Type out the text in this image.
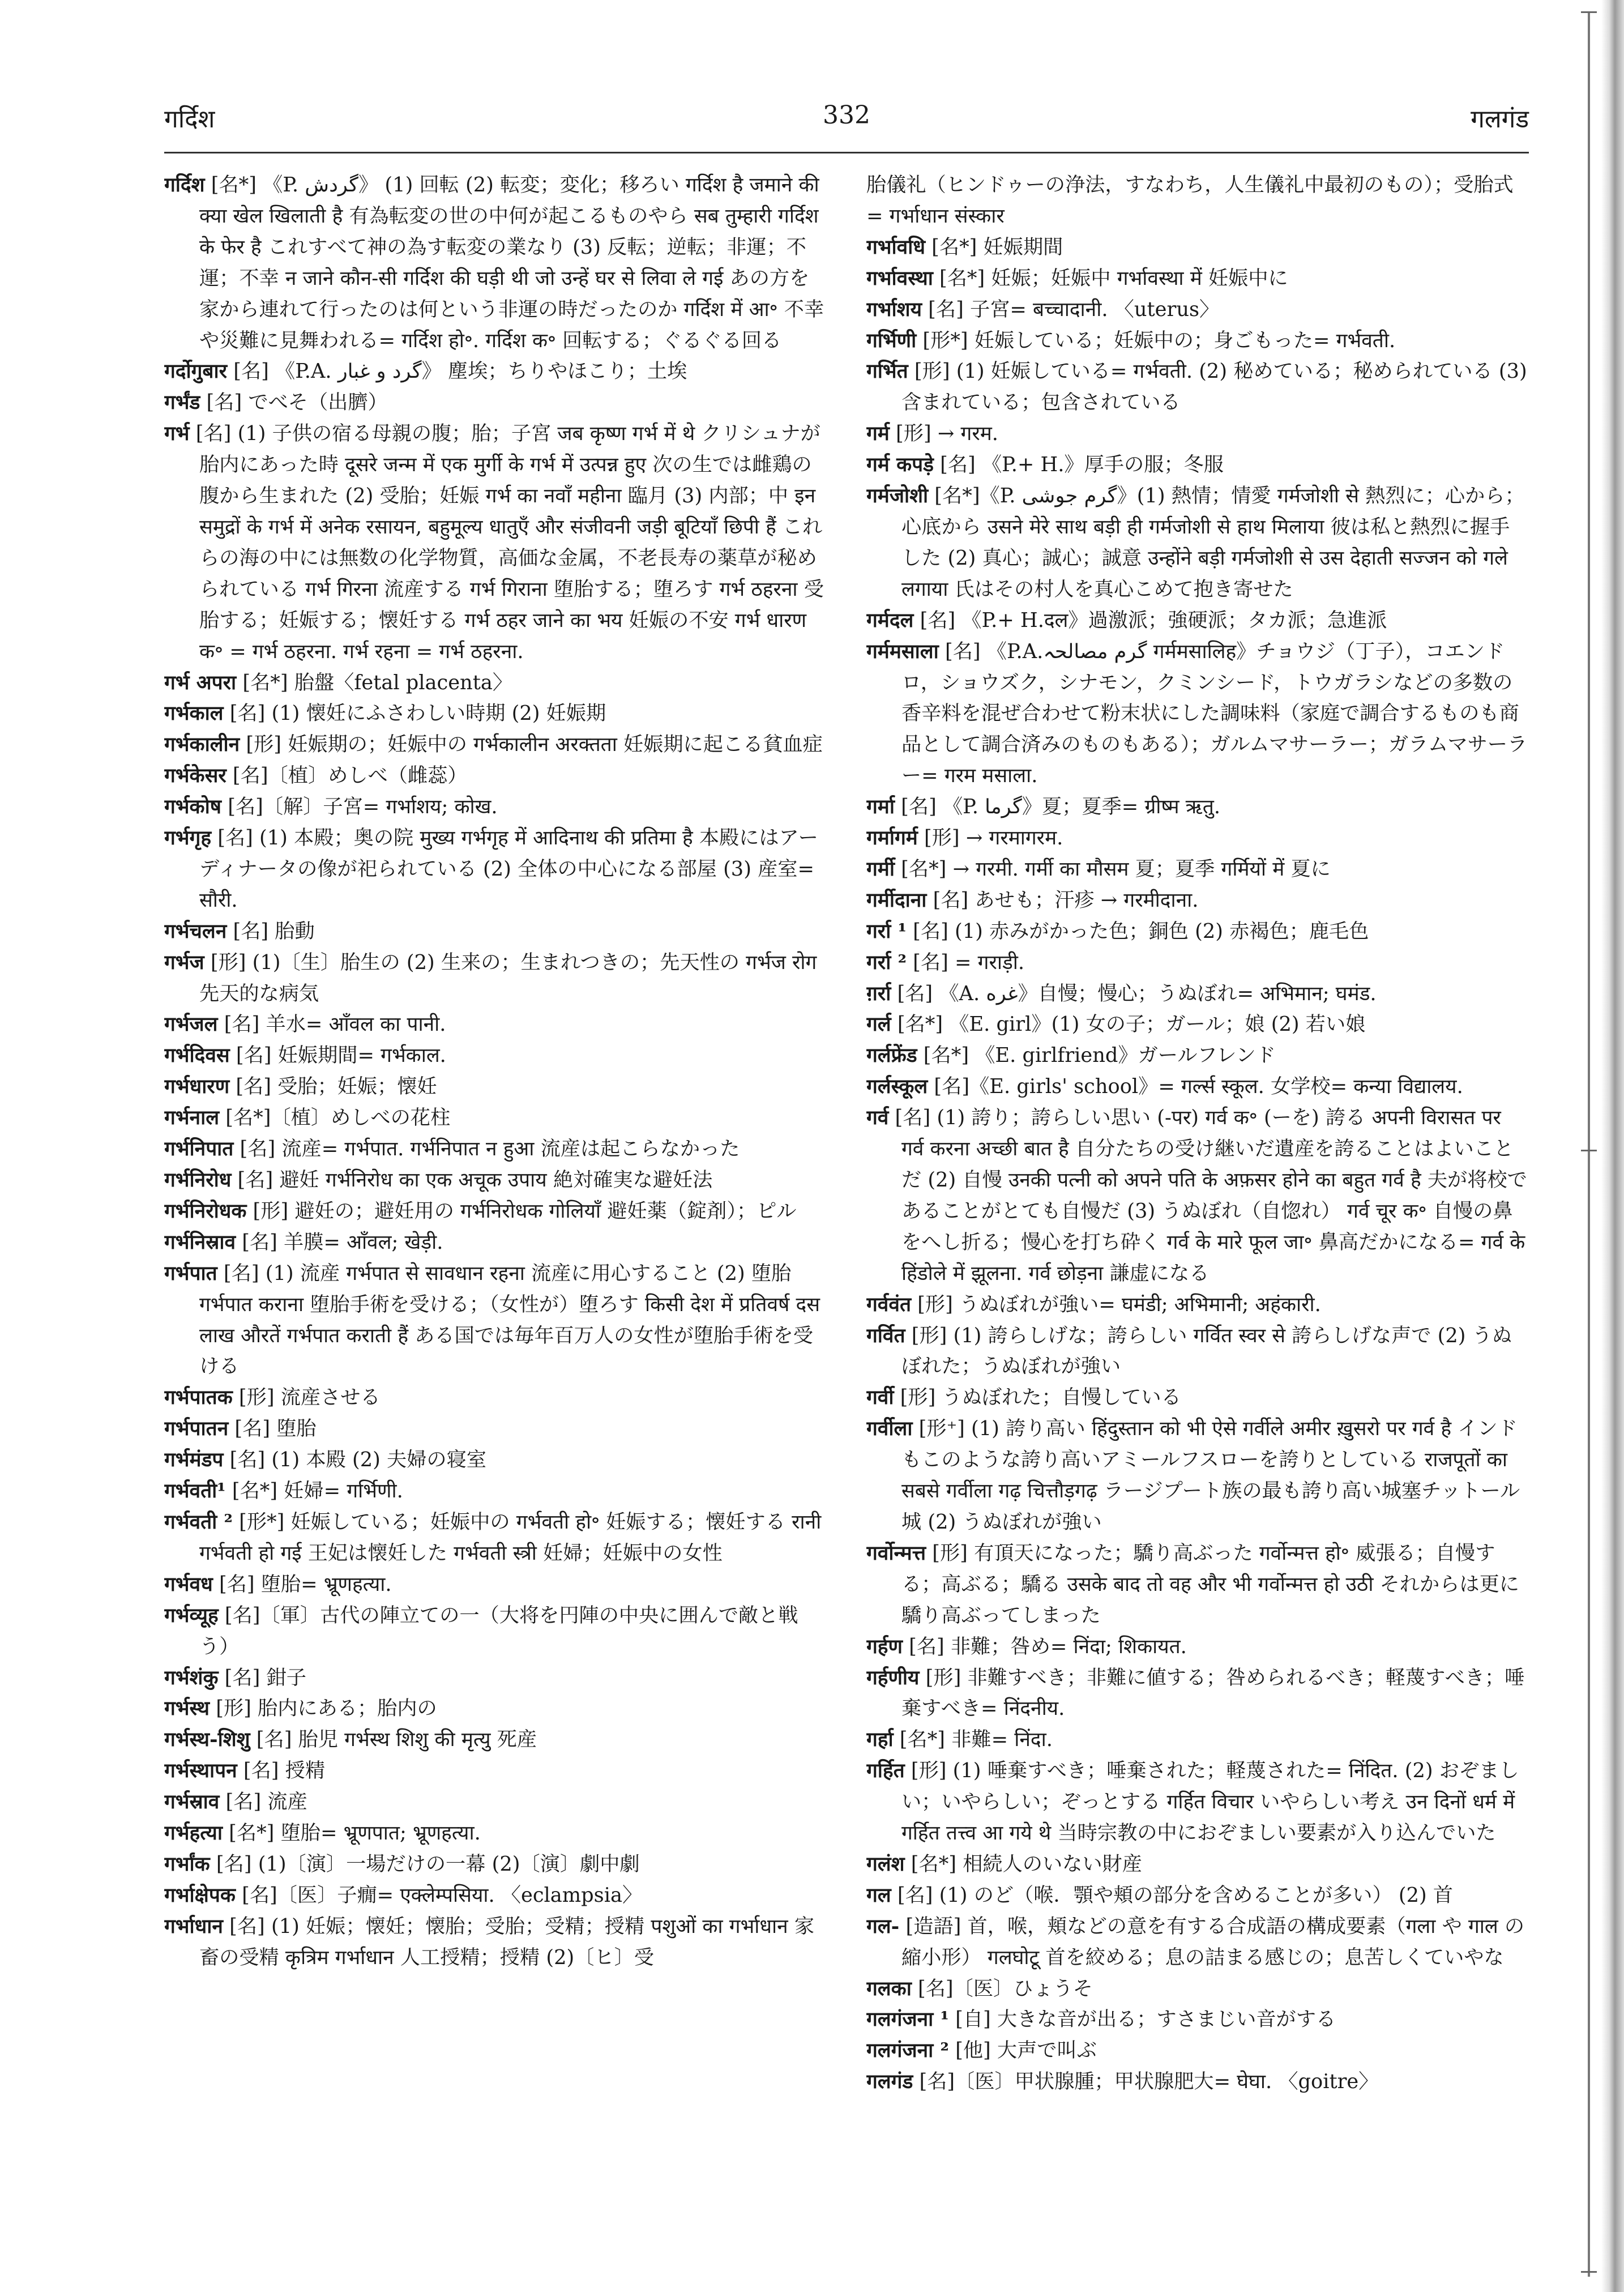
गर्दिश	332	गलगंड

गर्दिश [名*] 《P. گردش》 (1) 回転 (2) 転変；変化；移ろい गर्दिश है जमाने की क्या खेल खिलाती है 有為転変の世の中何が起こるものやら सब तुम्हारी गर्दिश के फेर है これすべて神の為す転変の業なり (3) 反転；逆転；非運；不運；不幸 न जाने कौन-सी गर्दिश की घड़ी थी जो उन्हें घर से लिवा ले गई あの方を家から連れて行ったのは何という非運の時だったのか गर्दिश में आ॰ 不幸や災難に見舞われる= गर्दिश हो॰. गर्दिश क॰ 回転する；ぐるぐる回る

गर्दोगुबार [名] 《P.A. گرد و غبار》 塵埃；ちりやほこり；土埃

गर्भंड [名] でべそ（出臍）

गर्भ [名] (1) 子供の宿る母親の腹；胎；子宮 जब कृष्ण गर्भ में थे クリシュナが胎内にあった時 दूसरे जन्म में एक मुर्गी के गर्भ में उत्पन्न हुए 次の生では雌鶏の腹から生まれた (2) 受胎；妊娠 गर्भ का नवाँ महीना 臨月 (3) 内部；中 इन समुद्रों के गर्भ में अनेक रसायन, बहुमूल्य धातुएँ और संजीवनी जड़ी बूटियाँ छिपी हैं これらの海の中には無数の化学物質，高価な金属，不老長寿の薬草が秘められている गर्भ गिरना 流産する गर्भ गिराना 堕胎する；堕ろす गर्भ ठहरना 受胎する；妊娠する；懐妊する गर्भ ठहर जाने का भय 妊娠の不安 गर्भ धारण क॰ = गर्भ ठहरना. गर्भ रहना = गर्भ ठहरना.

गर्भ अपरा [名*] 胎盤〈fetal placenta〉

गर्भकाल [名] (1) 懐妊にふさわしい時期 (2) 妊娠期

गर्भकालीन [形] 妊娠期の；妊娠中の गर्भकालीन अरक्तता 妊娠期に起こる貧血症

गर्भकेसर [名]〔植〕めしべ（雌蕊）

गर्भकोष [名]〔解〕子宮= गर्भाशय; कोख.

गर्भगृह [名] (1) 本殿；奥の院 मुख्य गर्भगृह में आदिनाथ की प्रतिमा है 本殿にはアーディナータの像が祀られている (2) 全体の中心になる部屋 (3) 産室= सौरी.

गर्भचलन [名] 胎動

गर्भज [形] (1)〔生〕胎生の (2) 生来の；生まれつきの；先天性の गर्भज रोग 先天的な病気

गर्भजल [名] 羊水= आँवल का पानी.

गर्भदिवस [名] 妊娠期間= गर्भकाल.

गर्भधारण [名] 受胎；妊娠；懐妊

गर्भनाल [名*]〔植〕めしべの花柱

गर्भनिपात [名] 流産= गर्भपात. गर्भनिपात न हुआ 流産は起こらなかった

गर्भनिरोध [名] 避妊 गर्भनिरोध का एक अचूक उपाय 絶対確実な避妊法

गर्भनिरोधक [形] 避妊の；避妊用の गर्भनिरोधक गोलियाँ 避妊薬（錠剤）；ピル

गर्भनिस्राव [名] 羊膜= आँवल; खेड़ी.

गर्भपात [名] (1) 流産 गर्भपात से सावधान रहना 流産に用心すること (2) 堕胎 गर्भपात कराना 堕胎手術を受ける；（女性が）堕ろす किसी देश में प्रतिवर्ष दस लाख औरतें गर्भपात कराती हैं ある国では毎年百万人の女性が堕胎手術を受ける

गर्भपातक [形] 流産させる

गर्भपातन [名] 堕胎

गर्भमंडप [名] (1) 本殿 (2) 夫婦の寝室

गर्भवती¹ [名*] 妊婦= गर्भिणी.

गर्भवती ² [形*] 妊娠している；妊娠中の गर्भवती हो॰ 妊娠する；懐妊する रानी गर्भवती हो गई 王妃は懐妊した गर्भवती स्त्री 妊婦；妊娠中の女性

गर्भवध [名] 堕胎= भ्रूणहत्या.

गर्भव्यूह [名]〔軍〕古代の陣立ての一（大将を円陣の中央に囲んで敵と戦う）

गर्भशंकु [名] 鉗子

गर्भस्थ [形] 胎内にある；胎内の

गर्भस्थ-शिशु [名] 胎児 गर्भस्थ शिशु की मृत्यु 死産

गर्भस्थापन [名] 授精

गर्भस्राव [名] 流産

गर्भहत्या [名*] 堕胎= भ्रूणपात; भ्रूणहत्या.

गर्भांक [名] (1)〔演〕一場だけの一幕 (2)〔演〕劇中劇

गर्भाक्षेपक [名]〔医〕子癇= एक्लेम्पसिया. 〈eclampsia〉

गर्भाधान [名] (1) 妊娠；懐妊；懐胎；受胎；受精；授精 पशुओं का गर्भाधान 家畜の受精 कृत्रिम गर्भाधान 人工授精；授精 (2)〔ヒ〕受

胎儀礼（ヒンドゥーの浄法，すなわち，人生儀礼中最初のもの）；受胎式= गर्भाधान संस्कार

गर्भावधि [名*] 妊娠期間

गर्भावस्था [名*] 妊娠；妊娠中 गर्भावस्था में 妊娠中に

गर्भाशय [名] 子宮= बच्चादानी. 〈uterus〉

गर्भिणी [形*] 妊娠している；妊娠中の；身ごもった= गर्भवती.

गर्भित [形] (1) 妊娠している= गर्भवती. (2) 秘めている；秘められている (3) 含まれている；包含されている

गर्म [形] → गरम.

गर्म कपड़े [名] 《P.+ H.》厚手の服；冬服

गर्मजोशी [名*]《P. گرم جوشی》(1) 熱情；情愛 गर्मजोशी से 熱烈に；心から；心底から उसने मेरे साथ बड़ी ही गर्मजोशी से हाथ मिलाया 彼は私と熱烈に握手した (2) 真心；誠心；誠意 उन्होंने बड़ी गर्मजोशी से उस देहाती सज्जन को गले लगाया 氏はその村人を真心こめて抱き寄せた

गर्मदल [名] 《P.+ H.दल》過激派；強硬派；タカ派；急進派

गर्ममसाला [名] 《P.A.گرم مصالحہ गर्ममसालिह》チョウジ（丁子），コエンドロ，ショウズク，シナモン，クミンシード，トウガラシなどの多数の香辛料を混ぜ合わせて粉末状にした調味料（家庭で調合するものも商品として調合済みのものもある）；ガルムマサーラー；ガラムマサーラー= गरम मसाला.

गर्मा [名] 《P. گرما》夏；夏季= ग्रीष्म ऋतु.

गर्मागर्म [形] → गरमागरम.

गर्मी [名*] → गरमी. गर्मी का मौसम 夏；夏季 गर्मियों में 夏に

गर्मीदाना [名] あせも；汗疹 → गरमीदाना.

गर्रा ¹ [名] (1) 赤みがかった色；銅色 (2) 赤褐色；鹿毛色

गर्रा ² [名] = गराड़ी.

ग़र्रा [名] 《A. غره》自慢；慢心；うぬぼれ= अभिमान; घमंड.

गर्ल [名*] 《E. girl》(1) 女の子；ガール；娘 (2) 若い娘

गर्लफ्रेंड [名*] 《E. girlfriend》ガールフレンド

गर्लस्कूल [名]《E. girls' school》= गर्ल्स स्कूल. 女学校= कन्या विद्यालय.

गर्व [名] (1) 誇り；誇らしい思い (-पर) गर्व क॰ (ーを) 誇る अपनी विरासत पर गर्व करना अच्छी बात है 自分たちの受け継いだ遺産を誇ることはよいことだ (2) 自慢 उनकी पत्नी को अपने पति के अफ़सर होने का बहुत गर्व है 夫が将校であることがとても自慢だ (3) うぬぼれ（自惚れ） गर्व चूर क॰ 自慢の鼻をへし折る；慢心を打ち砕く गर्व के मारे फूल जा॰ 鼻高だかになる= गर्व के हिंडोले में झूलना. गर्व छोड़ना 謙虚になる

गर्ववंत [形] うぬぼれが強い= घमंडी; अभिमानी; अहंकारी.

गर्वित [形] (1) 誇らしげな；誇らしい गर्वित स्वर से 誇らしげな声で (2) うぬぼれた；うぬぼれが強い

गर्वी [形] うぬぼれた；自慢している

गर्वीला [形⁺] (1) 誇り高い हिंदुस्तान को भी ऐसे गर्वीले अमीर ख़ुसरो पर गर्व है インドもこのような誇り高いアミールフスローを誇りとしている राजपूतों का सबसे गर्वीला गढ़ चित्तौड़गढ़ ラージプート族の最も誇り高い城塞チットール城 (2) うぬぼれが強い

गर्वोन्मत्त [形] 有頂天になった；驕り高ぶった गर्वोन्मत्त हो॰ 威張る；自慢する；高ぶる；驕る उसके बाद तो वह और भी गर्वोन्मत्त हो उठी それからは更に驕り高ぶってしまった

गर्हण [名] 非難；咎め= निंदा; शिकायत.

गर्हणीय [形] 非難すべき；非難に値する；咎められるべき；軽蔑すべき；唾棄すべき= निंदनीय.

गर्हा [名*] 非難= निंदा.

गर्हित [形] (1) 唾棄すべき；唾棄された；軽蔑された= निंदित. (2) おぞましい；いやらしい；ぞっとする गर्हित विचार いやらしい考え उन दिनों धर्म में गर्हित तत्त्व आ गये थे 当時宗教の中におぞましい要素が入り込んでいた

गलंश [名*] 相続人のいない財産

गल [名] (1) のど（喉．顎や頬の部分を含めることが多い） (2) 首

गल- [造語] 首，喉，頬などの意を有する合成語の構成要素（गला や गाल の縮小形） गलघोटू 首を絞める；息の詰まる感じの；息苦しくていやな

गलका [名]〔医〕ひょうそ

गलगंजना ¹ [自] 大きな音が出る；すさまじい音がする

गलगंजना ² [他] 大声で叫ぶ

गलगंड [名]〔医〕甲状腺腫；甲状腺肥大= घेघा. 〈goitre〉
